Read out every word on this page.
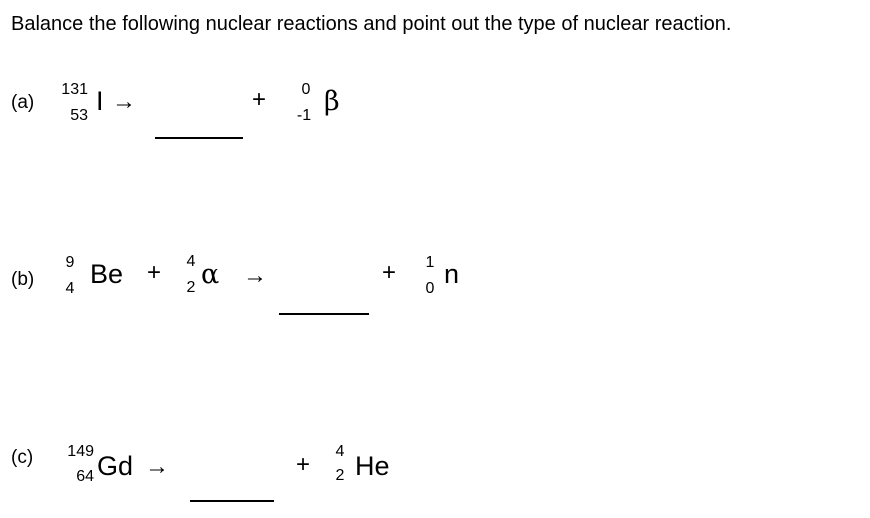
Balance the following nuclear reactions and point out the type of nuclear reaction.
(a)
131
53 I →	+	0
-1 β
(b)
9
4 Be +	4
2 α →	+	1
0 n
(c)	149
64 Gd →	+	4
2 He
